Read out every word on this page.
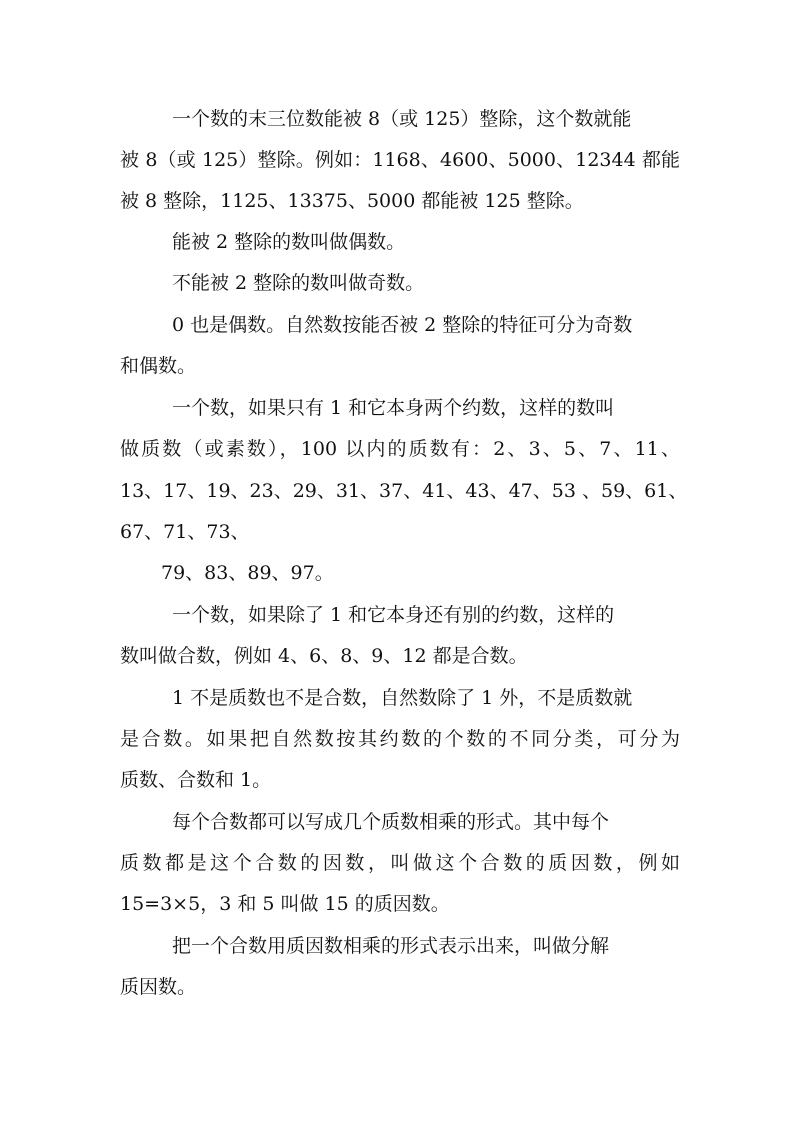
一个数的末三位数能被 8（或 125）整除，这个数就能
被 8（或 125）整除。例如：1168、4600、5000、12344 都能
被 8 整除，1125、13375、5000 都能被 125 整除。
能被 2 整除的数叫做偶数。
不能被 2 整除的数叫做奇数。
0 也是偶数。自然数按能否被 2 整除的特征可分为奇数
和偶数。
一个数，如果只有 1 和它本身两个约数，这样的数叫
做质数（或素数），100 以内的质数有：2、3、5、7、11、
13、17、19、23、29、31、37、41、43、47、53 、59、61、
67、71、73、
79、83、89、97。
一个数，如果除了 1 和它本身还有别的约数，这样的
数叫做合数，例如 4、6、8、9、12 都是合数。
1 不是质数也不是合数，自然数除了 1 外，不是质数就
是合数。如果把自然数按其约数的个数的不同分类，可分为
质数、合数和 1。
每个合数都可以写成几个质数相乘的形式。其中每个
质数都是这个合数的因数，叫做这个合数的质因数，例如
15=3×5，3 和 5 叫做 15 的质因数。
把一个合数用质因数相乘的形式表示出来，叫做分解
质因数。
